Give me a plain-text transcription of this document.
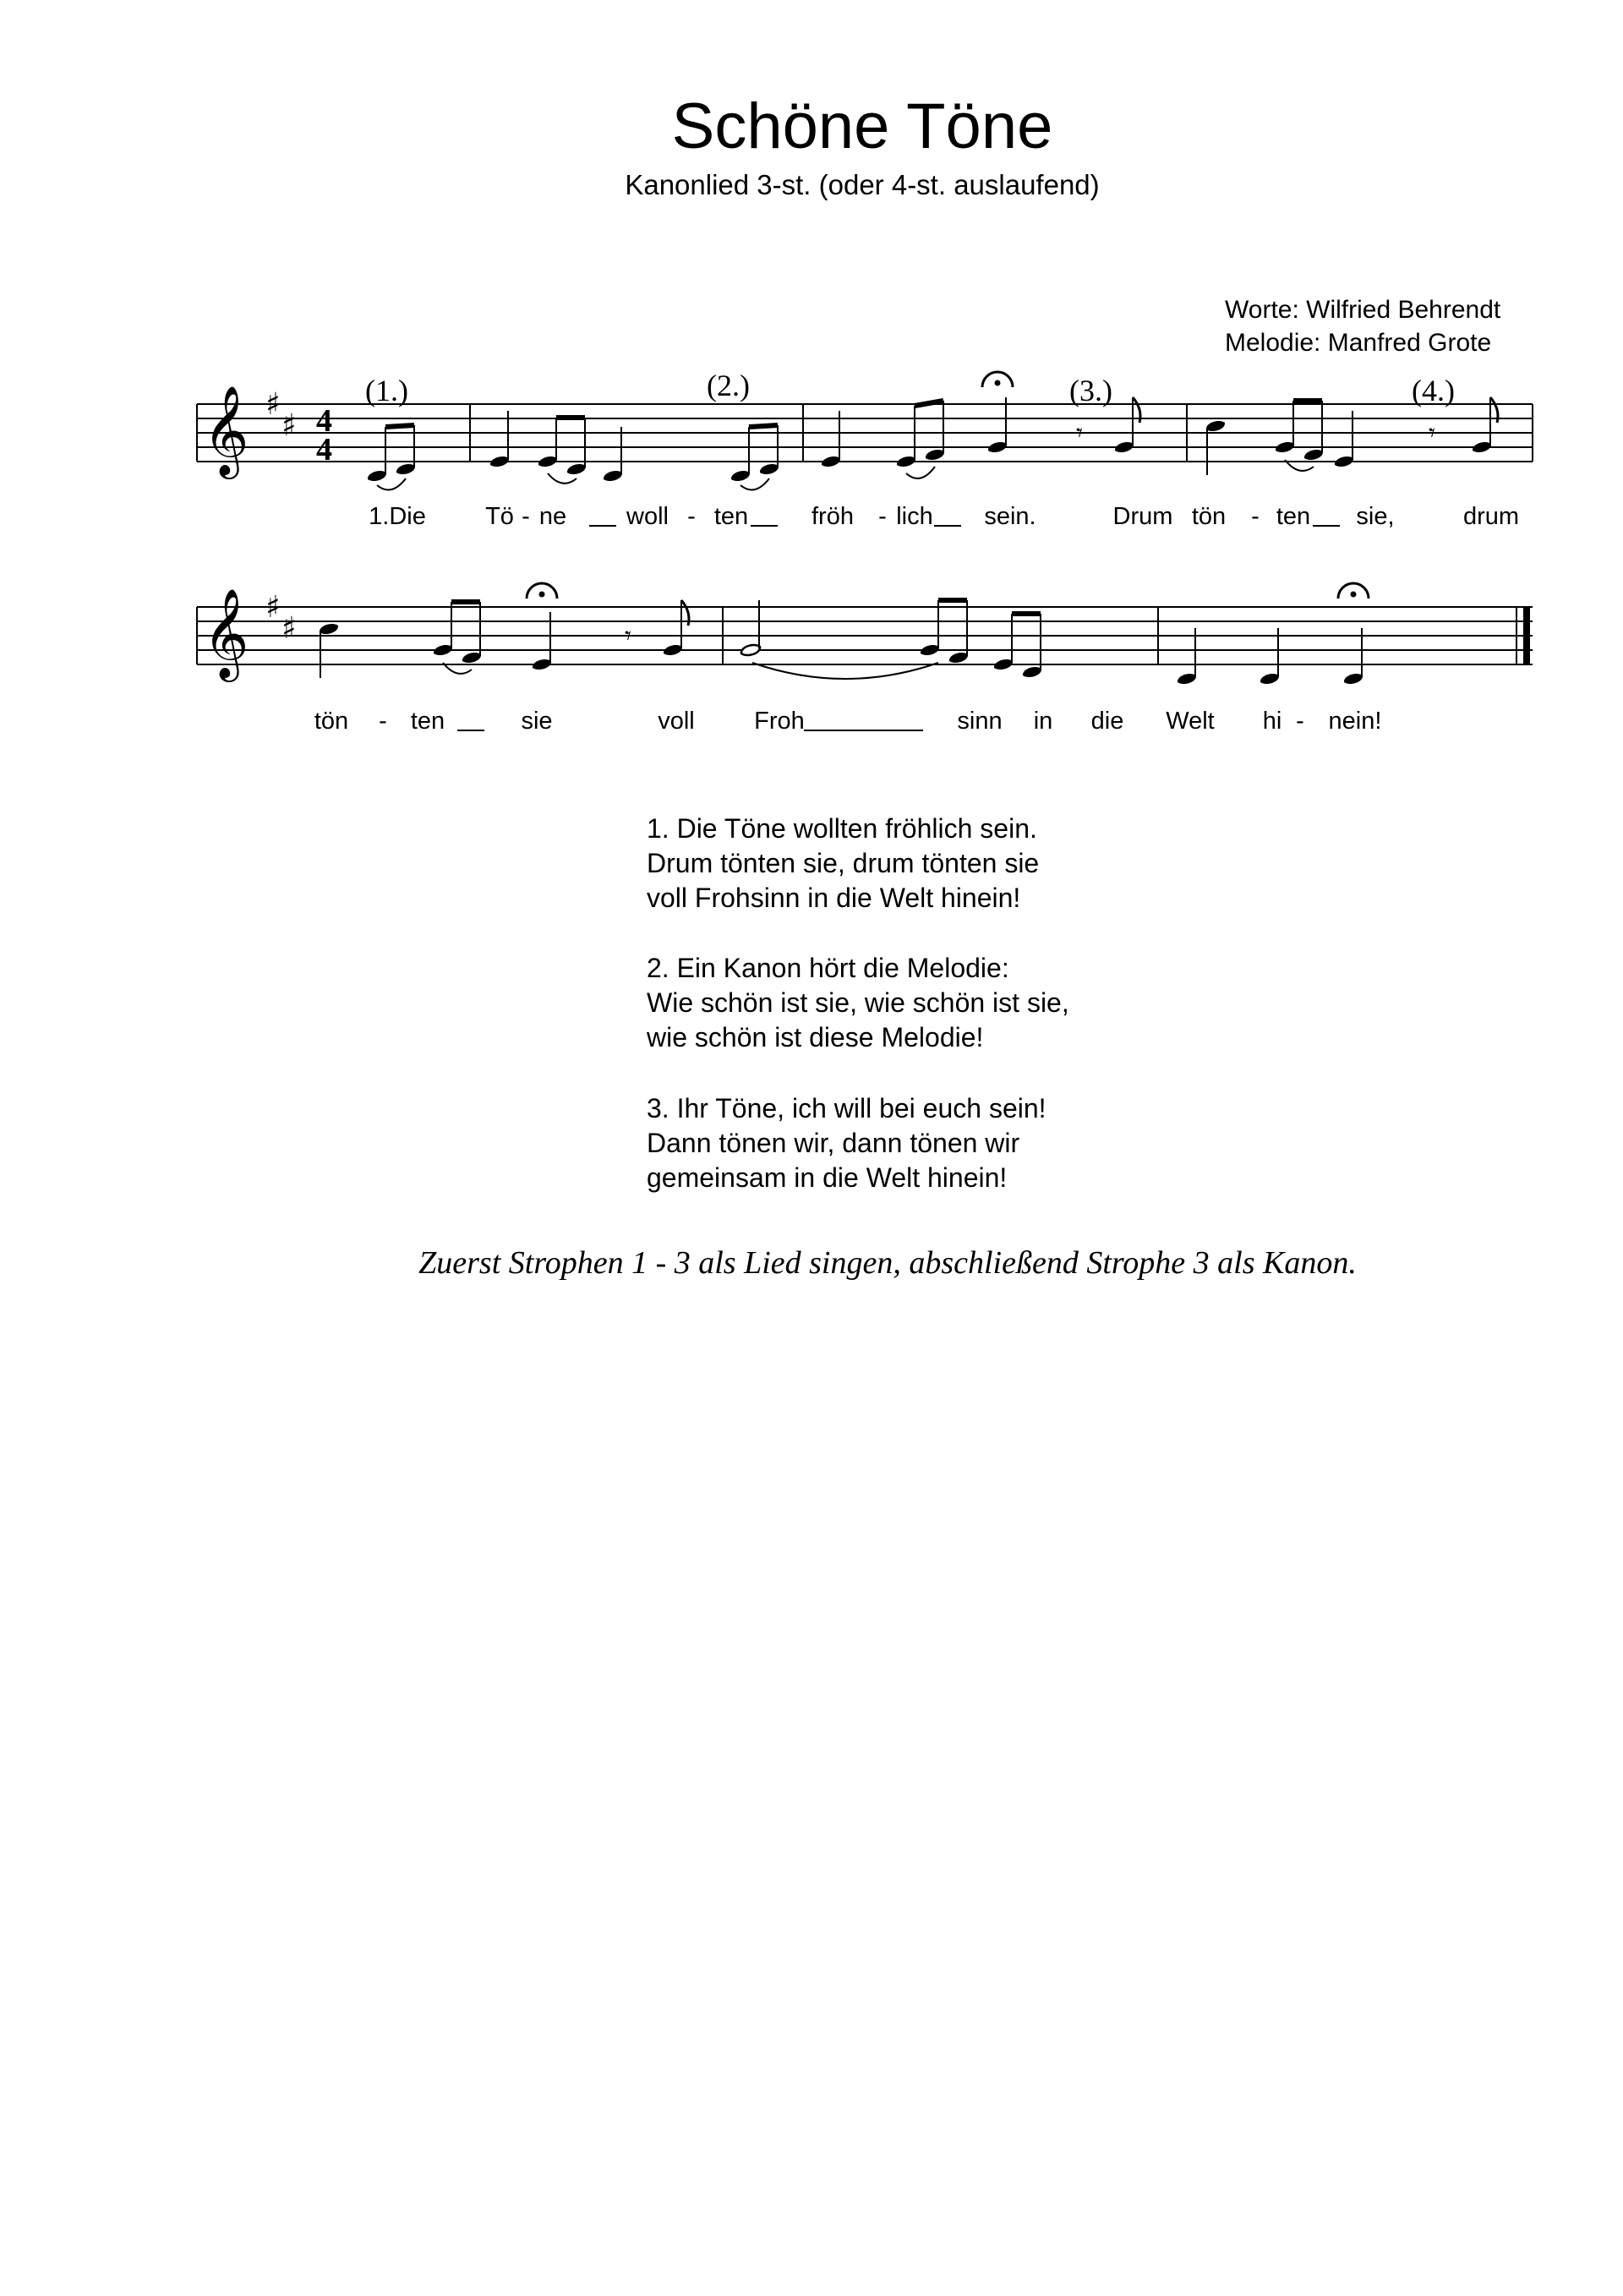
Schöne Töne
Kanonlied 3-st. (oder 4-st. auslaufend)
Worte: Wilfried Behrendt
Melodie: Manfred Grote
𝄞 ♯
♯ 4
4
(1.)	(2.)	(3.)	(4.)
𝄾	𝄾
1.Die Tö - ne woll - ten	fröh - lich sein.	Drum tön - ten sie,	drum
𝄞 ♯
♯	𝄾
tön - ten	sie	voll Froh	sinn in die Welt hi - nein!
1. Die Töne wollten fröhlich sein.
Drum tönten sie, drum tönten sie
voll Frohsinn in die Welt hinein!
2. Ein Kanon hört die Melodie:
Wie schön ist sie, wie schön ist sie,
wie schön ist diese Melodie!
3. Ihr Töne, ich will bei euch sein!
Dann tönen wir, dann tönen wir
gemeinsam in die Welt hinein!
Zuerst Strophen 1 - 3 als Lied singen, abschließend Strophe 3 als Kanon.
